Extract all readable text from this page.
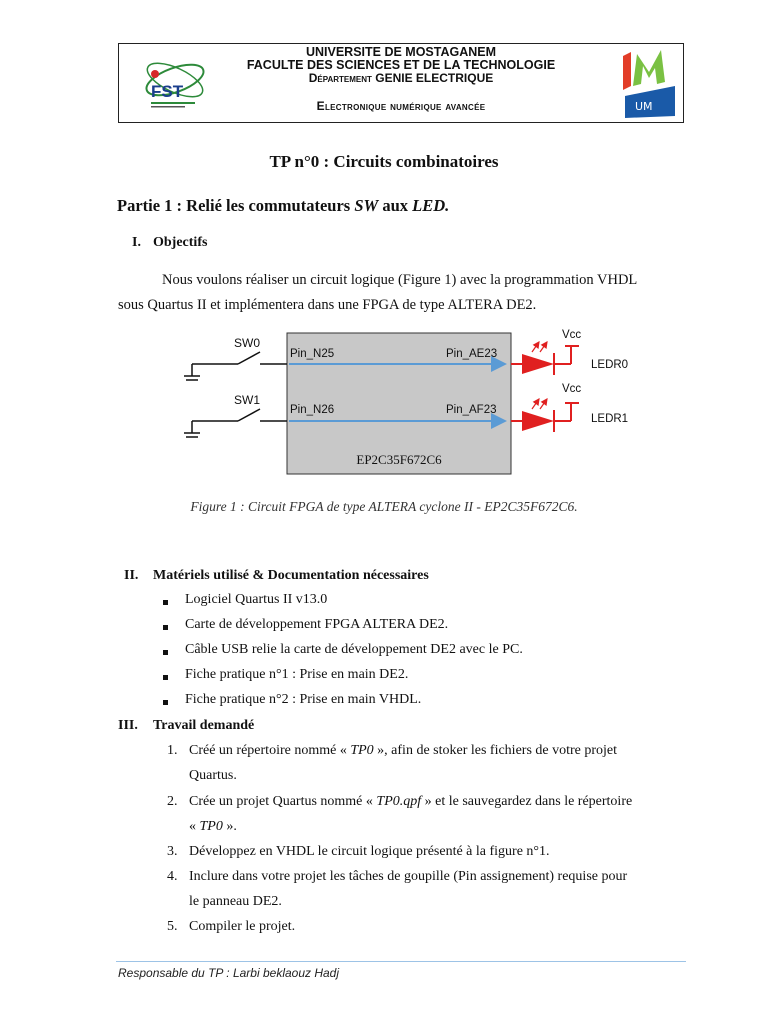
FST
UNIVERSITE DE MOSTAGANEM
FACULTE DES SCIENCES ET DE LA TECHNOLOGIE
Département GENIE ELECTRIQUE
Electronique numérique avancée	UM
TP n°0 : Circuits combinatoires
Partie 1 : Relié les commutateurs SW aux LED.
I. Objectifs
Nous voulons réaliser un circuit logique (Figure 1) avec la programmation VHDL
sous Quartus II et implémentera dans une FPGA de type ALTERA DE2.
EP2C35F672C6
SW0
SW1
Pin_N25
Pin_N26
Pin_AE23
Pin_AF23
Vcc
LEDR0
Vcc
LEDR1
Figure 1 : Circuit FPGA de type ALTERA cyclone II - EP2C35F672C6.
II. Matériels utilisé & Documentation nécessaires
Logiciel Quartus II v13.0
Carte de développement FPGA ALTERA DE2.
Câble USB relie la carte de développement DE2 avec le PC.
Fiche pratique n°1 : Prise en main DE2.
Fiche pratique n°2 : Prise en main VHDL.
III. Travail demandé
1. Créé un répertoire nommé « TP0 », afin de stoker les fichiers de votre projet
Quartus.
2. Crée un projet Quartus nommé « TP0.qpf » et le sauvegardez dans le répertoire
« TP0 ».
3. Développez en VHDL le circuit logique présenté à la figure n°1.
4. Inclure dans votre projet les tâches de goupille (Pin assignement) requise pour
le panneau DE2.
5. Compiler le projet.
Responsable du TP : Larbi beklaouz Hadj
